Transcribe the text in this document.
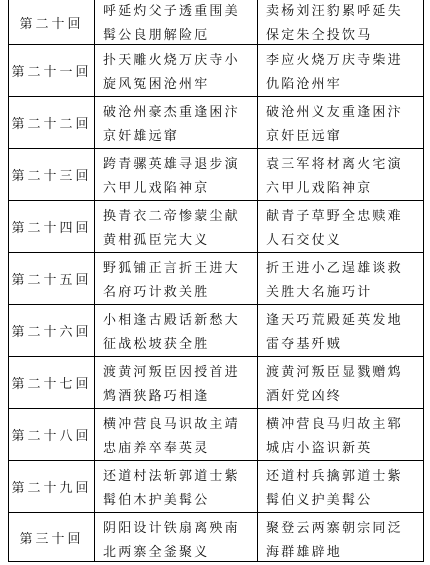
第二十回
呼延灼父子透重围美髯公良朋解险厄
卖杨刘汪豹累呼延失保定朱仝投饮马
第二十一回
扑天雕火烧万庆寺小旋风冤困沧州牢
李应火烧万庆寺柴进仇陷沧州牢
第二十二回
破沧州豪杰重逢困汴京奸雄远窜
破沧州义友重逢困汴京奸臣远窜
第二十三回
跨青骡英雄寻退步演六甲儿戏陷神京
袁三军将材离火宅演六甲儿戏陷神京
第二十四回
换青衣二帝惨蒙尘献黄柑孤臣完大义
献青子草野全忠赎难人石交仗义
第二十五回
野狐铺正言折王进大名府巧计救关胜
折王进小乙逞雄谈救关胜大名施巧计
第二十六回
小相逢古殿话新愁大征战松坡获全胜
逢天巧荒殿延英发地雷夺基歼贼
第二十七回
渡黄河叛臣因授首进鸩酒狭路巧相逢
渡黄河叛臣显戮赠鸩酒奸党凶终
第二十八回
横冲营良马识故主靖忠庙养卒奉英灵
横冲营良马归故主郓城店小盗识新英
第二十九回
还道村法斩郭道士紫髯伯木护美髯公
还道村兵擒郭道士紫髯伯义护美髯公
第三十回
阴阳设计铁扇离殃南北两寨全釜聚义
聚登云两寨朝宗同泛海群雄辟地
